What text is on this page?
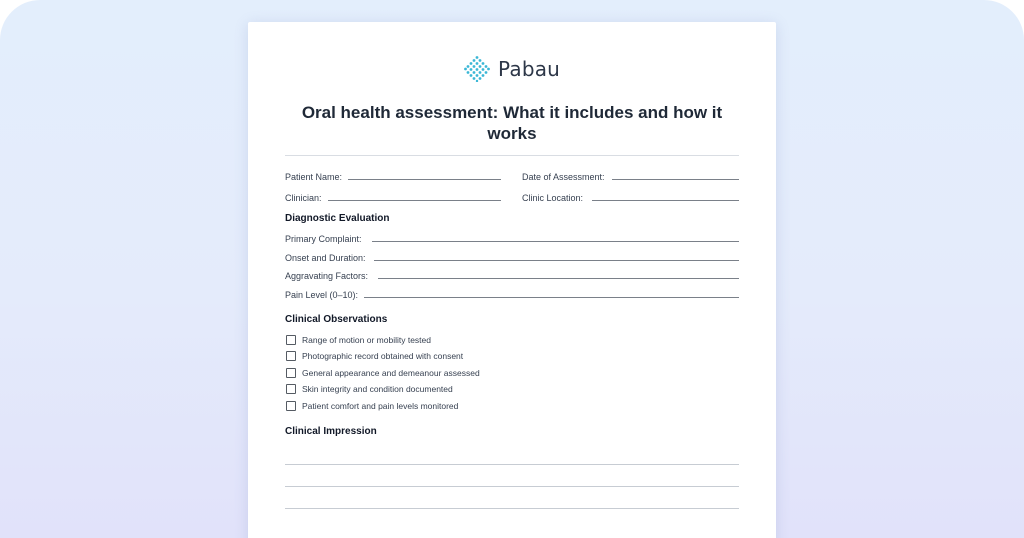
Pabau
Oral health assessment: What it includes and how it works
Patient Name:	Date of Assessment:
Clinician:	Clinic Location:
Diagnostic Evaluation
Primary Complaint:
Onset and Duration:
Aggravating Factors:
Pain Level (0–10):
Clinical Observations
Range of motion or mobility tested
Photographic record obtained with consent
General appearance and demeanour assessed
Skin integrity and condition documented
Patient comfort and pain levels monitored
Clinical Impression
